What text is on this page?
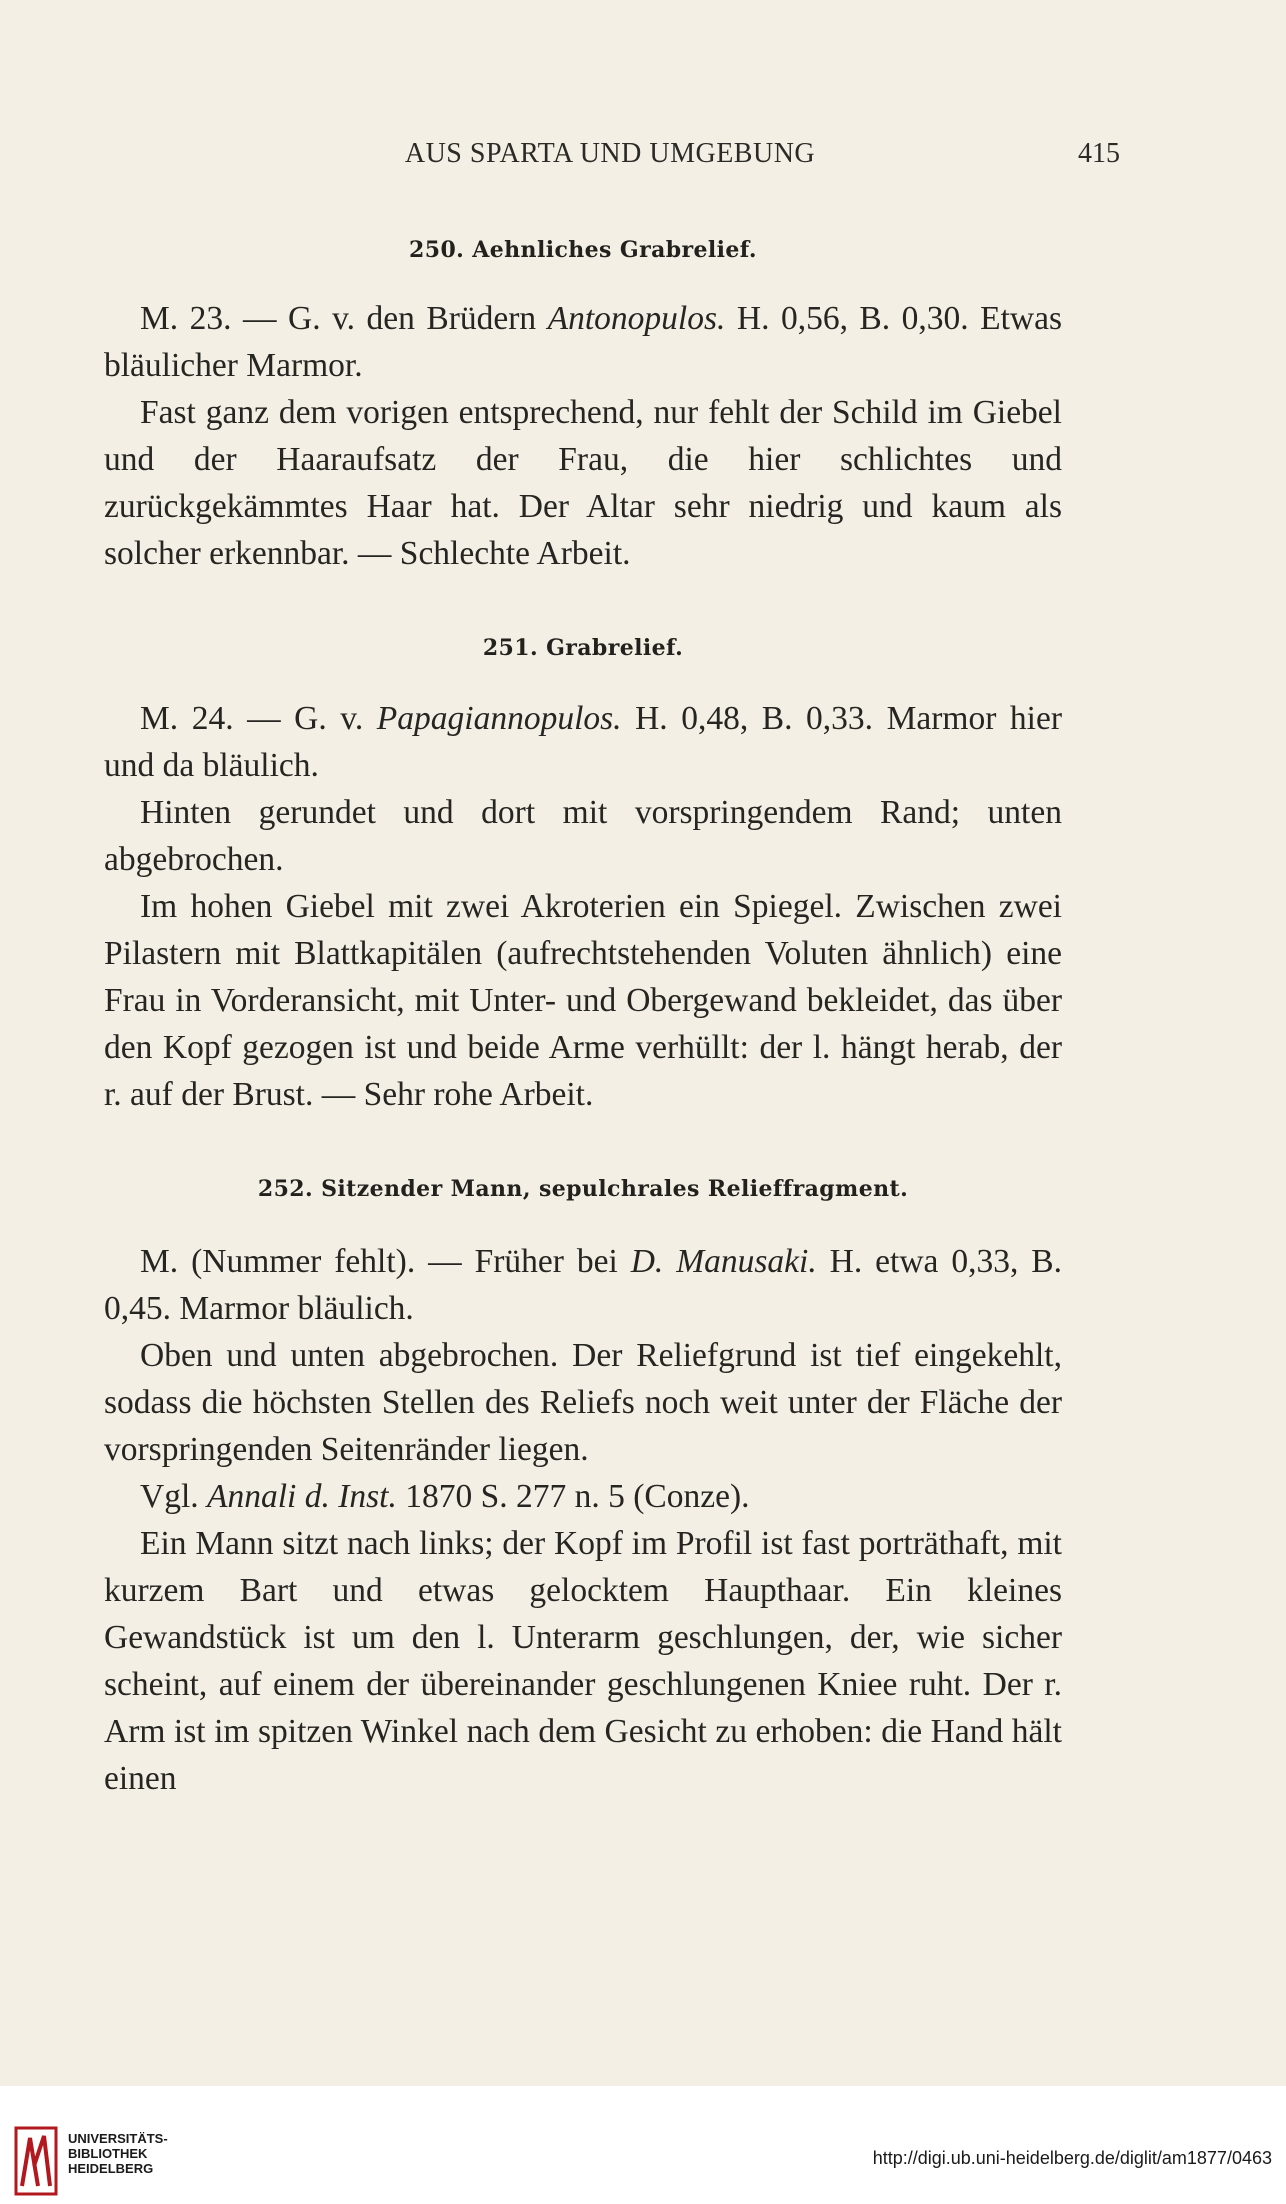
AUS SPARTA UND UMGEBUNG	415
250. Aehnliches Grabrelief.

M. 23. — G. v. den Brüdern Antonopulos. H. 0,56, B. 0,30. Etwas bläulicher Marmor.

Fast ganz dem vorigen entsprechend, nur fehlt der Schild im Giebel und der Haaraufsatz der Frau, die hier schlichtes und zurückgekämmtes Haar hat. Der Altar sehr niedrig und kaum als solcher erkennbar. — Schlechte Arbeit.

251. Grabrelief.

M. 24. — G. v. Papagiannopulos. H. 0,48, B. 0,33. Marmor hier und da bläulich.

Hinten gerundet und dort mit vorspringendem Rand; unten abgebrochen.

Im hohen Giebel mit zwei Akroterien ein Spiegel. Zwischen zwei Pilastern mit Blattkapitälen (aufrechtstehenden Voluten ähnlich) eine Frau in Vorderansicht, mit Unter- und Obergewand bekleidet, das über den Kopf gezogen ist und beide Arme verhüllt: der l. hängt herab, der r. auf der Brust. — Sehr rohe Arbeit.

252. Sitzender Mann, sepulchrales Relieffragment.

M. (Nummer fehlt). — Früher bei D. Manusaki. H. etwa 0,33, B. 0,45. Marmor bläulich.

Oben und unten abgebrochen. Der Reliefgrund ist tief eingekehlt, sodass die höchsten Stellen des Reliefs noch weit unter der Fläche der vorspringenden Seitenränder liegen.

Vgl. Annali d. Inst. 1870 S. 277 n. 5 (Conze).

Ein Mann sitzt nach links; der Kopf im Profil ist fast porträthaft, mit kurzem Bart und etwas gelocktem Haupthaar. Ein kleines Gewandstück ist um den l. Unterarm geschlungen, der, wie sicher scheint, auf einem der übereinander geschlungenen Kniee ruht. Der r. Arm ist im spitzen Winkel nach dem Gesicht zu erhoben: die Hand hält einen

UNIVERSITÄTS-
BIBLIOTHEK
HEIDELBERG
http://digi.ub.uni-heidelberg.de/diglit/am1877/0463
